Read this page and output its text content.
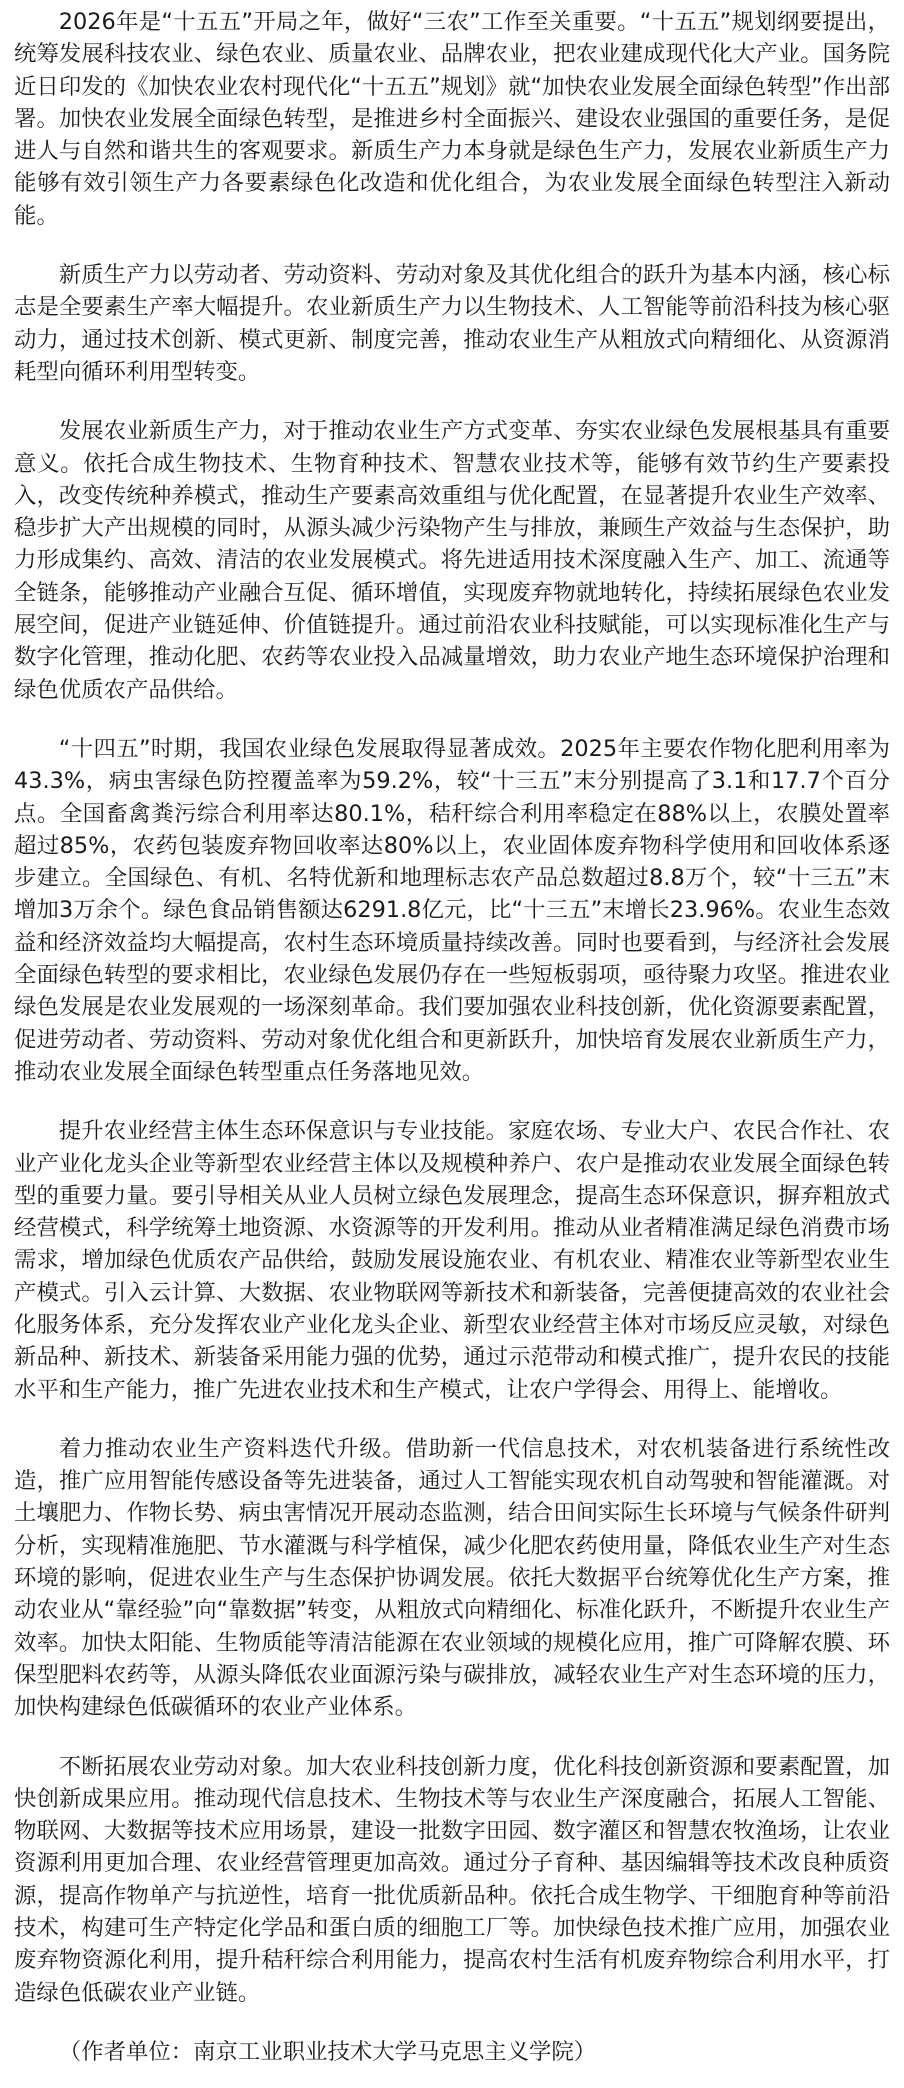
2026年是“十五五”开局之年，做好“三农”工作至关重要。“十五五”规划纲要提出，统筹发展科技农业、绿色农业、质量农业、品牌农业，把农业建成现代化大产业。国务院近日印发的《加快农业农村现代化“十五五”规划》就“加快农业发展全面绿色转型”作出部署。加快农业发展全面绿色转型，是推进乡村全面振兴、建设农业强国的重要任务，是促进人与自然和谐共生的客观要求。新质生产力本身就是绿色生产力，发展农业新质生产力能够有效引领生产力各要素绿色化改造和优化组合，为农业发展全面绿色转型注入新动能。

新质生产力以劳动者、劳动资料、劳动对象及其优化组合的跃升为基本内涵，核心标志是全要素生产率大幅提升。农业新质生产力以生物技术、人工智能等前沿科技为核心驱动力，通过技术创新、模式更新、制度完善，推动农业生产从粗放式向精细化、从资源消耗型向循环利用型转变。

发展农业新质生产力，对于推动农业生产方式变革、夯实农业绿色发展根基具有重要意义。依托合成生物技术、生物育种技术、智慧农业技术等，能够有效节约生产要素投入，改变传统种养模式，推动生产要素高效重组与优化配置，在显著提升农业生产效率、稳步扩大产出规模的同时，从源头减少污染物产生与排放，兼顾生产效益与生态保护，助力形成集约、高效、清洁的农业发展模式。将先进适用技术深度融入生产、加工、流通等全链条，能够推动产业融合互促、循环增值，实现废弃物就地转化，持续拓展绿色农业发展空间，促进产业链延伸、价值链提升。通过前沿农业科技赋能，可以实现标准化生产与数字化管理，推动化肥、农药等农业投入品减量增效，助力农业产地生态环境保护治理和绿色优质农产品供给。

“十四五”时期，我国农业绿色发展取得显著成效。2025年主要农作物化肥利用率为43.3%，病虫害绿色防控覆盖率为59.2%，较“十三五”末分别提高了3.1和17.7个百分点。全国畜禽粪污综合利用率达80.1%，秸秆综合利用率稳定在88%以上，农膜处置率超过85%，农药包装废弃物回收率达80%以上，农业固体废弃物科学使用和回收体系逐步建立。全国绿色、有机、名特优新和地理标志农产品总数超过8.8万个，较“十三五”末增加3万余个。绿色食品销售额达6291.8亿元，比“十三五”末增长23.96%。农业生态效益和经济效益均大幅提高，农村生态环境质量持续改善。同时也要看到，与经济社会发展全面绿色转型的要求相比，农业绿色发展仍存在一些短板弱项，亟待聚力攻坚。推进农业绿色发展是农业发展观的一场深刻革命。我们要加强农业科技创新，优化资源要素配置，促进劳动者、劳动资料、劳动对象优化组合和更新跃升，加快培育发展农业新质生产力，推动农业发展全面绿色转型重点任务落地见效。

提升农业经营主体生态环保意识与专业技能。家庭农场、专业大户、农民合作社、农业产业化龙头企业等新型农业经营主体以及规模种养户、农户是推动农业发展全面绿色转型的重要力量。要引导相关从业人员树立绿色发展理念，提高生态环保意识，摒弃粗放式经营模式，科学统筹土地资源、水资源等的开发利用。推动从业者精准满足绿色消费市场需求，增加绿色优质农产品供给，鼓励发展设施农业、有机农业、精准农业等新型农业生产模式。引入云计算、大数据、农业物联网等新技术和新装备，完善便捷高效的农业社会化服务体系，充分发挥农业产业化龙头企业、新型农业经营主体对市场反应灵敏，对绿色新品种、新技术、新装备采用能力强的优势，通过示范带动和模式推广，提升农民的技能水平和生产能力，推广先进农业技术和生产模式，让农户学得会、用得上、能增收。

着力推动农业生产资料迭代升级。借助新一代信息技术，对农机装备进行系统性改造，推广应用智能传感设备等先进装备，通过人工智能实现农机自动驾驶和智能灌溉。对土壤肥力、作物长势、病虫害情况开展动态监测，结合田间实际生长环境与气候条件研判分析，实现精准施肥、节水灌溉与科学植保，减少化肥农药使用量，降低农业生产对生态环境的影响，促进农业生产与生态保护协调发展。依托大数据平台统筹优化生产方案，推动农业从“靠经验”向“靠数据”转变，从粗放式向精细化、标准化跃升，不断提升农业生产效率。加快太阳能、生物质能等清洁能源在农业领域的规模化应用，推广可降解农膜、环保型肥料农药等，从源头降低农业面源污染与碳排放，减轻农业生产对生态环境的压力，加快构建绿色低碳循环的农业产业体系。

不断拓展农业劳动对象。加大农业科技创新力度，优化科技创新资源和要素配置，加快创新成果应用。推动现代信息技术、生物技术等与农业生产深度融合，拓展人工智能、物联网、大数据等技术应用场景，建设一批数字田园、数字灌区和智慧农牧渔场，让农业资源利用更加合理、农业经营管理更加高效。通过分子育种、基因编辑等技术改良种质资源，提高作物单产与抗逆性，培育一批优质新品种。依托合成生物学、干细胞育种等前沿技术，构建可生产特定化学品和蛋白质的细胞工厂等。加快绿色技术推广应用，加强农业废弃物资源化利用，提升秸秆综合利用能力，提高农村生活有机废弃物综合利用水平，打造绿色低碳农业产业链。

（作者单位：南京工业职业技术大学马克思主义学院）
